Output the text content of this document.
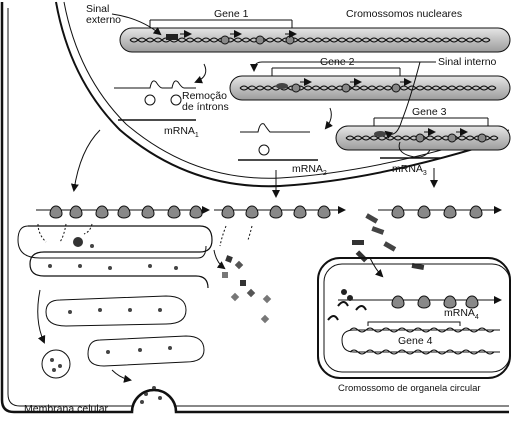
Sinal
externo	Gene 1	Cromossomos nucleares
Gene 2	Sinal interno
Remoção
de íntrons	Gene 3
mRNA$_1$
mRNA$_2$	mRNA$_3$
mRNA$_4$
Gene 4
Cromossomo de organela circular
Membrana celular
